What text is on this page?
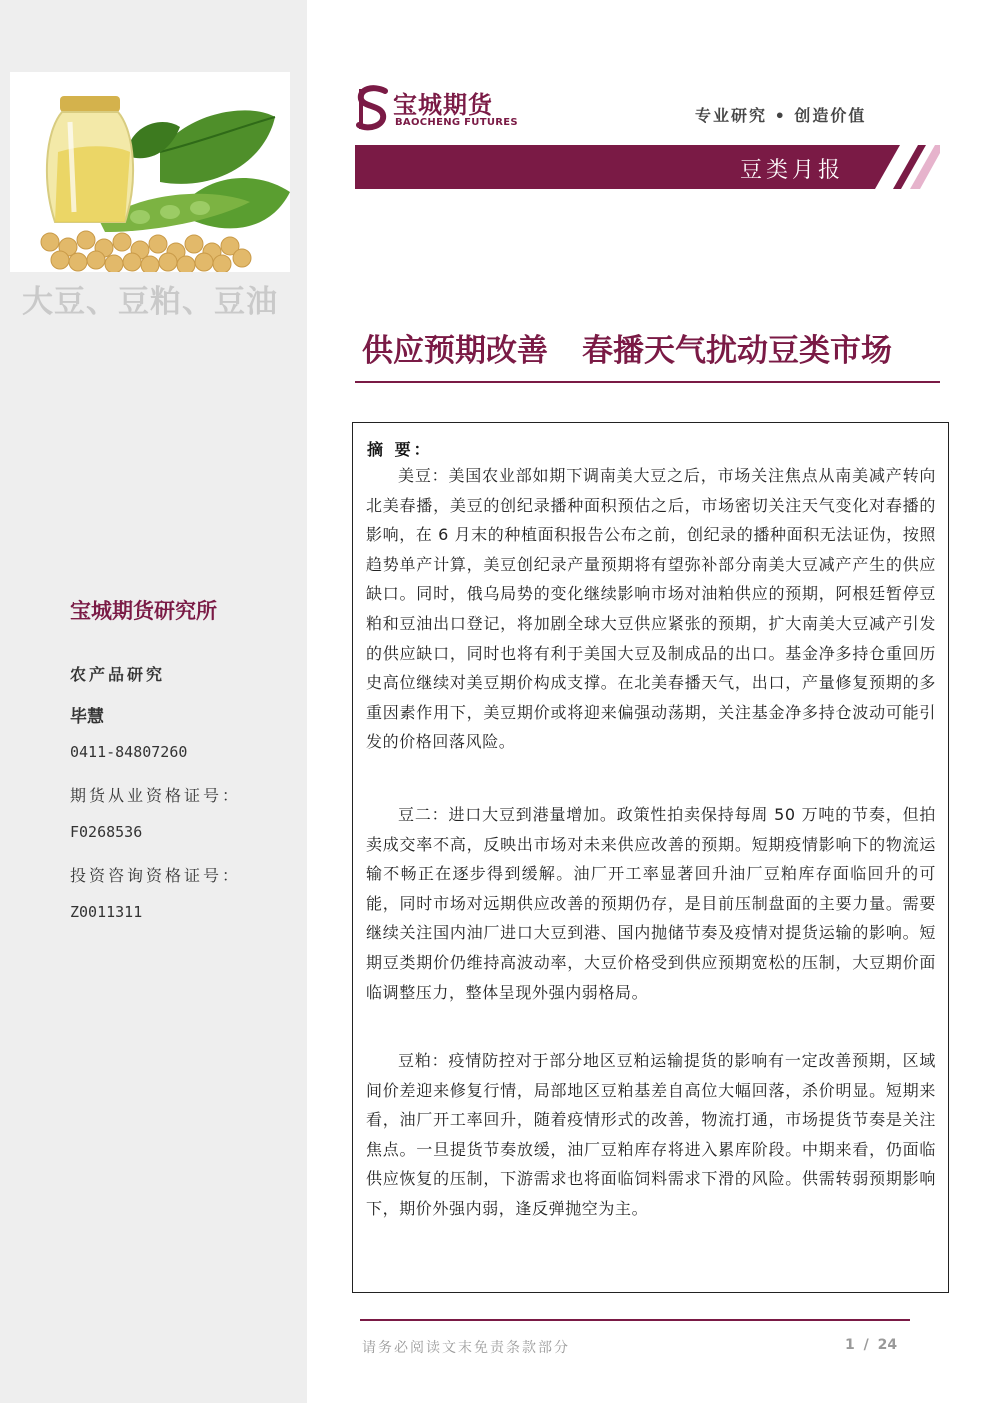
大豆、豆粕、豆油
宝城期货研究所
农产品研究
毕慧
0411-84807260
期货从业资格证号：
F0268536
投资咨询资格证号：
Z0011311
宝城期货
BAOCHENG FUTURES	专业研究 • 创造价值
豆类月报
供应预期改善 春播天气扰动豆类市场
摘 要：

美豆：美国农业部如期下调南美大豆之后，市场关注焦点从南美减产转向北美春播，美豆的创纪录播种面积预估之后，市场密切关注天气变化对春播的影响，在 6 月末的种植面积报告公布之前，创纪录的播种面积无法证伪，按照趋势单产计算，美豆创纪录产量预期将有望弥补部分南美大豆减产产生的供应缺口。同时，俄乌局势的变化继续影响市场对油粕供应的预期，阿根廷暂停豆粕和豆油出口登记，将加剧全球大豆供应紧张的预期，扩大南美大豆减产引发的供应缺口，同时也将有利于美国大豆及制成品的出口。基金净多持仓重回历史高位继续对美豆期价构成支撑。在北美春播天气，出口，产量修复预期的多重因素作用下，美豆期价或将迎来偏强动荡期，关注基金净多持仓波动可能引发的价格回落风险。

豆二：进口大豆到港量增加。政策性拍卖保持每周 50 万吨的节奏，但拍卖成交率不高，反映出市场对未来供应改善的预期。短期疫情影响下的物流运输不畅正在逐步得到缓解。油厂开工率显著回升油厂豆粕库存面临回升的可能，同时市场对远期供应改善的预期仍存，是目前压制盘面的主要力量。需要继续关注国内油厂进口大豆到港、国内抛储节奏及疫情对提货运输的影响。短期豆类期价仍维持高波动率，大豆价格受到供应预期宽松的压制，大豆期价面临调整压力，整体呈现外强内弱格局。

豆粕：疫情防控对于部分地区豆粕运输提货的影响有一定改善预期，区域间价差迎来修复行情，局部地区豆粕基差自高位大幅回落，杀价明显。短期来看，油厂开工率回升，随着疫情形式的改善，物流打通，市场提货节奏是关注焦点。一旦提货节奏放缓，油厂豆粕库存将进入累库阶段。中期来看，仍面临供应恢复的压制，下游需求也将面临饲料需求下滑的风险。供需转弱预期影响下，期价外强内弱，逢反弹抛空为主。

请务必阅读文末免责条款部分	1 / 24
